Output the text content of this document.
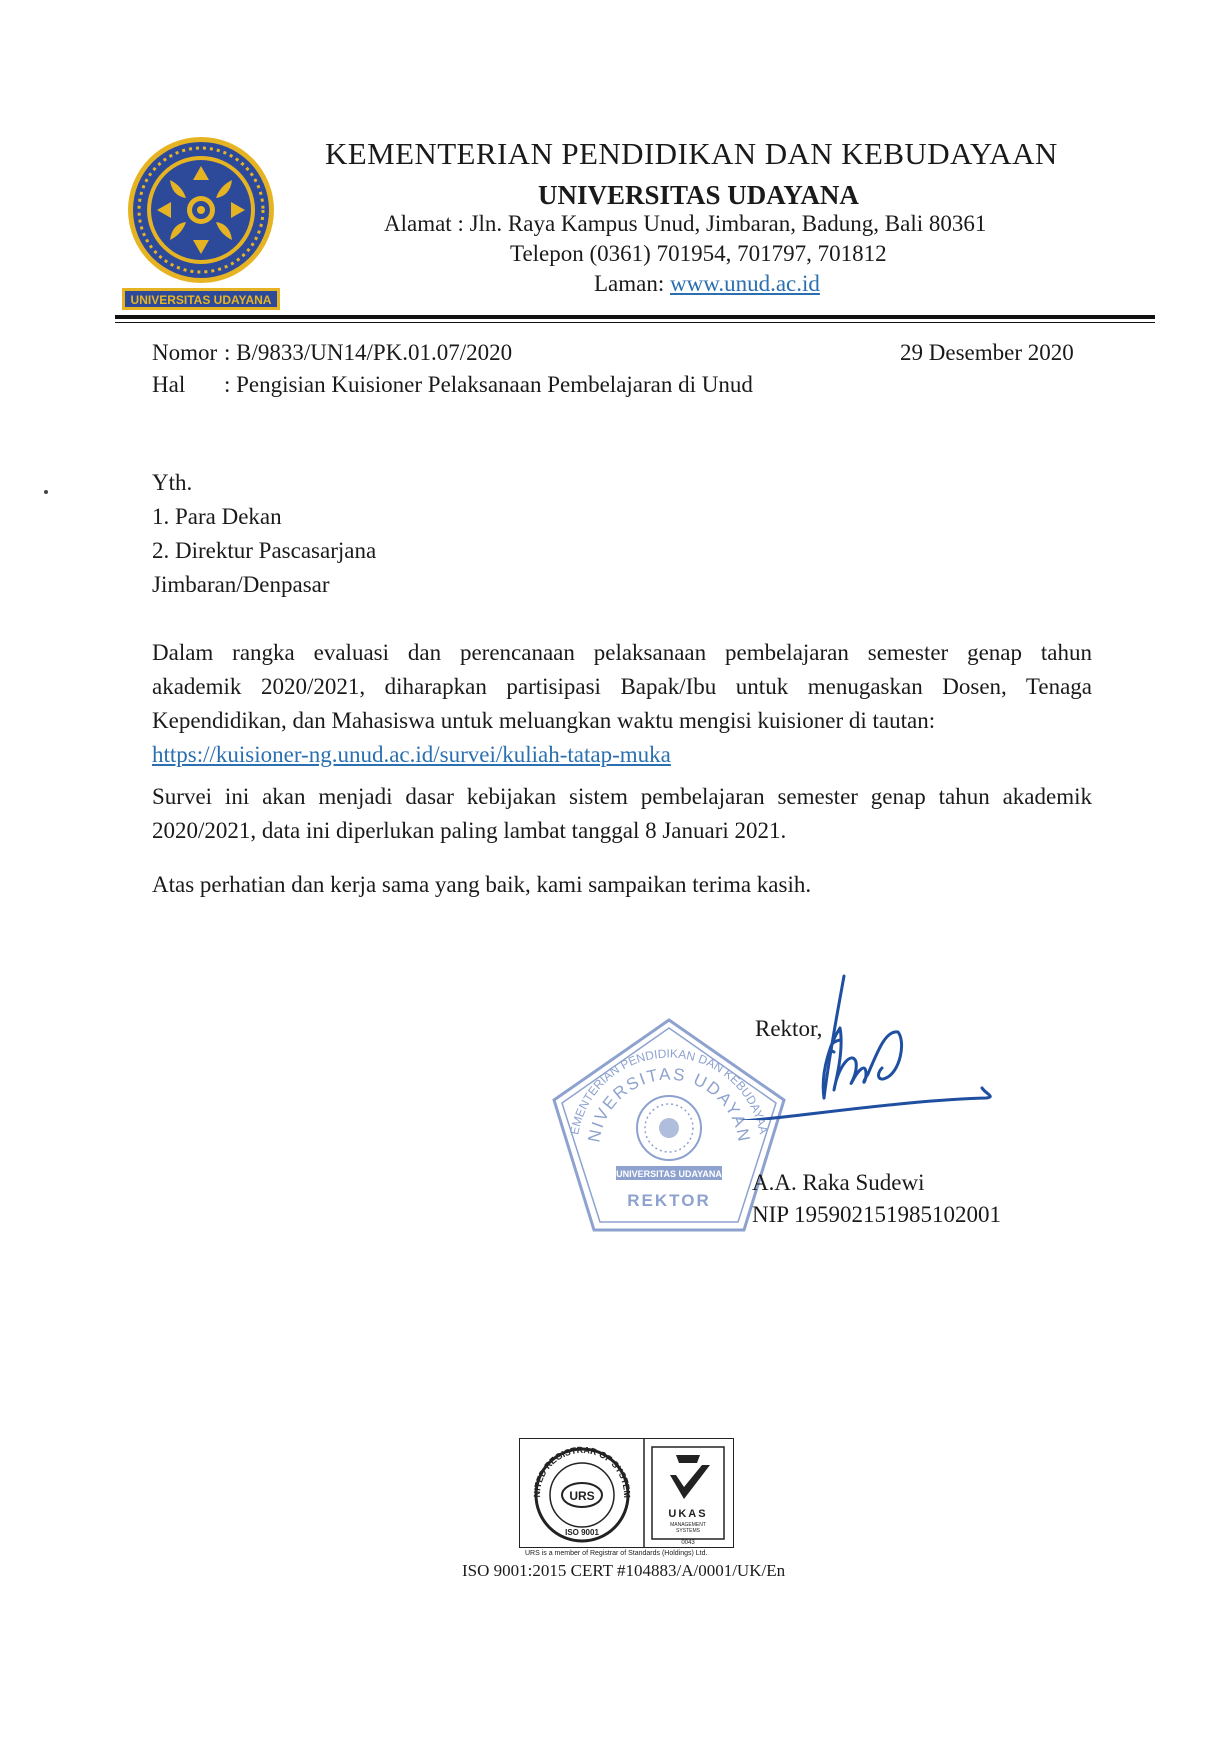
UNIVERSITAS UDAYANA
KEMENTERIAN PENDIDIKAN DAN KEBUDAYAAN
UNIVERSITAS UDAYANA
Alamat : Jln. Raya Kampus Unud, Jimbaran, Badung, Bali 80361
Telepon (0361) 701954, 701797, 701812
Laman: www.unud.ac.id
Nomor : B/9833/UN14/PK.01.07/2020
Hal : Pengisian Kuisioner Pelaksanaan Pembelajaran di Unud
29 Desember 2020
Yth.
1. Para Dekan
2. Direktur Pascasarjana
Jimbaran/Denpasar
Dalam rangka evaluasi dan perencanaan pelaksanaan pembelajaran semester genap tahun
akademik 2020/2021, diharapkan partisipasi Bapak/Ibu untuk menugaskan Dosen, Tenaga
Kependidikan, dan Mahasiswa untuk meluangkan waktu mengisi kuisioner di tautan:
https://kuisioner-ng.unud.ac.id/survei/kuliah-tatap-muka
Survei ini akan menjadi dasar kebijakan sistem pembelajaran semester genap tahun akademik 2020/2021, data ini diperlukan paling lambat tanggal 8 Januari 2021.
Atas perhatian dan kerja sama yang baik, kami sampaikan terima kasih.
EMENTERIAN PENDIDIKAN DAN KEBUDAYAA
NIVERSITAS UDAYAN
UNIVERSITAS UDAYANA
REKTOR
Rektor,
A.A. Raka Sudewi
NIP 195902151985102001
NITED REGISTRAR OF SYSTEM
URS
ISO 9001
UKAS
MANAGEMENT
SYSTEMS
0043
URS is a member of Registrar of Standards (Holdings) Ltd.
ISO 9001:2015 CERT #104883/A/0001/UK/En
